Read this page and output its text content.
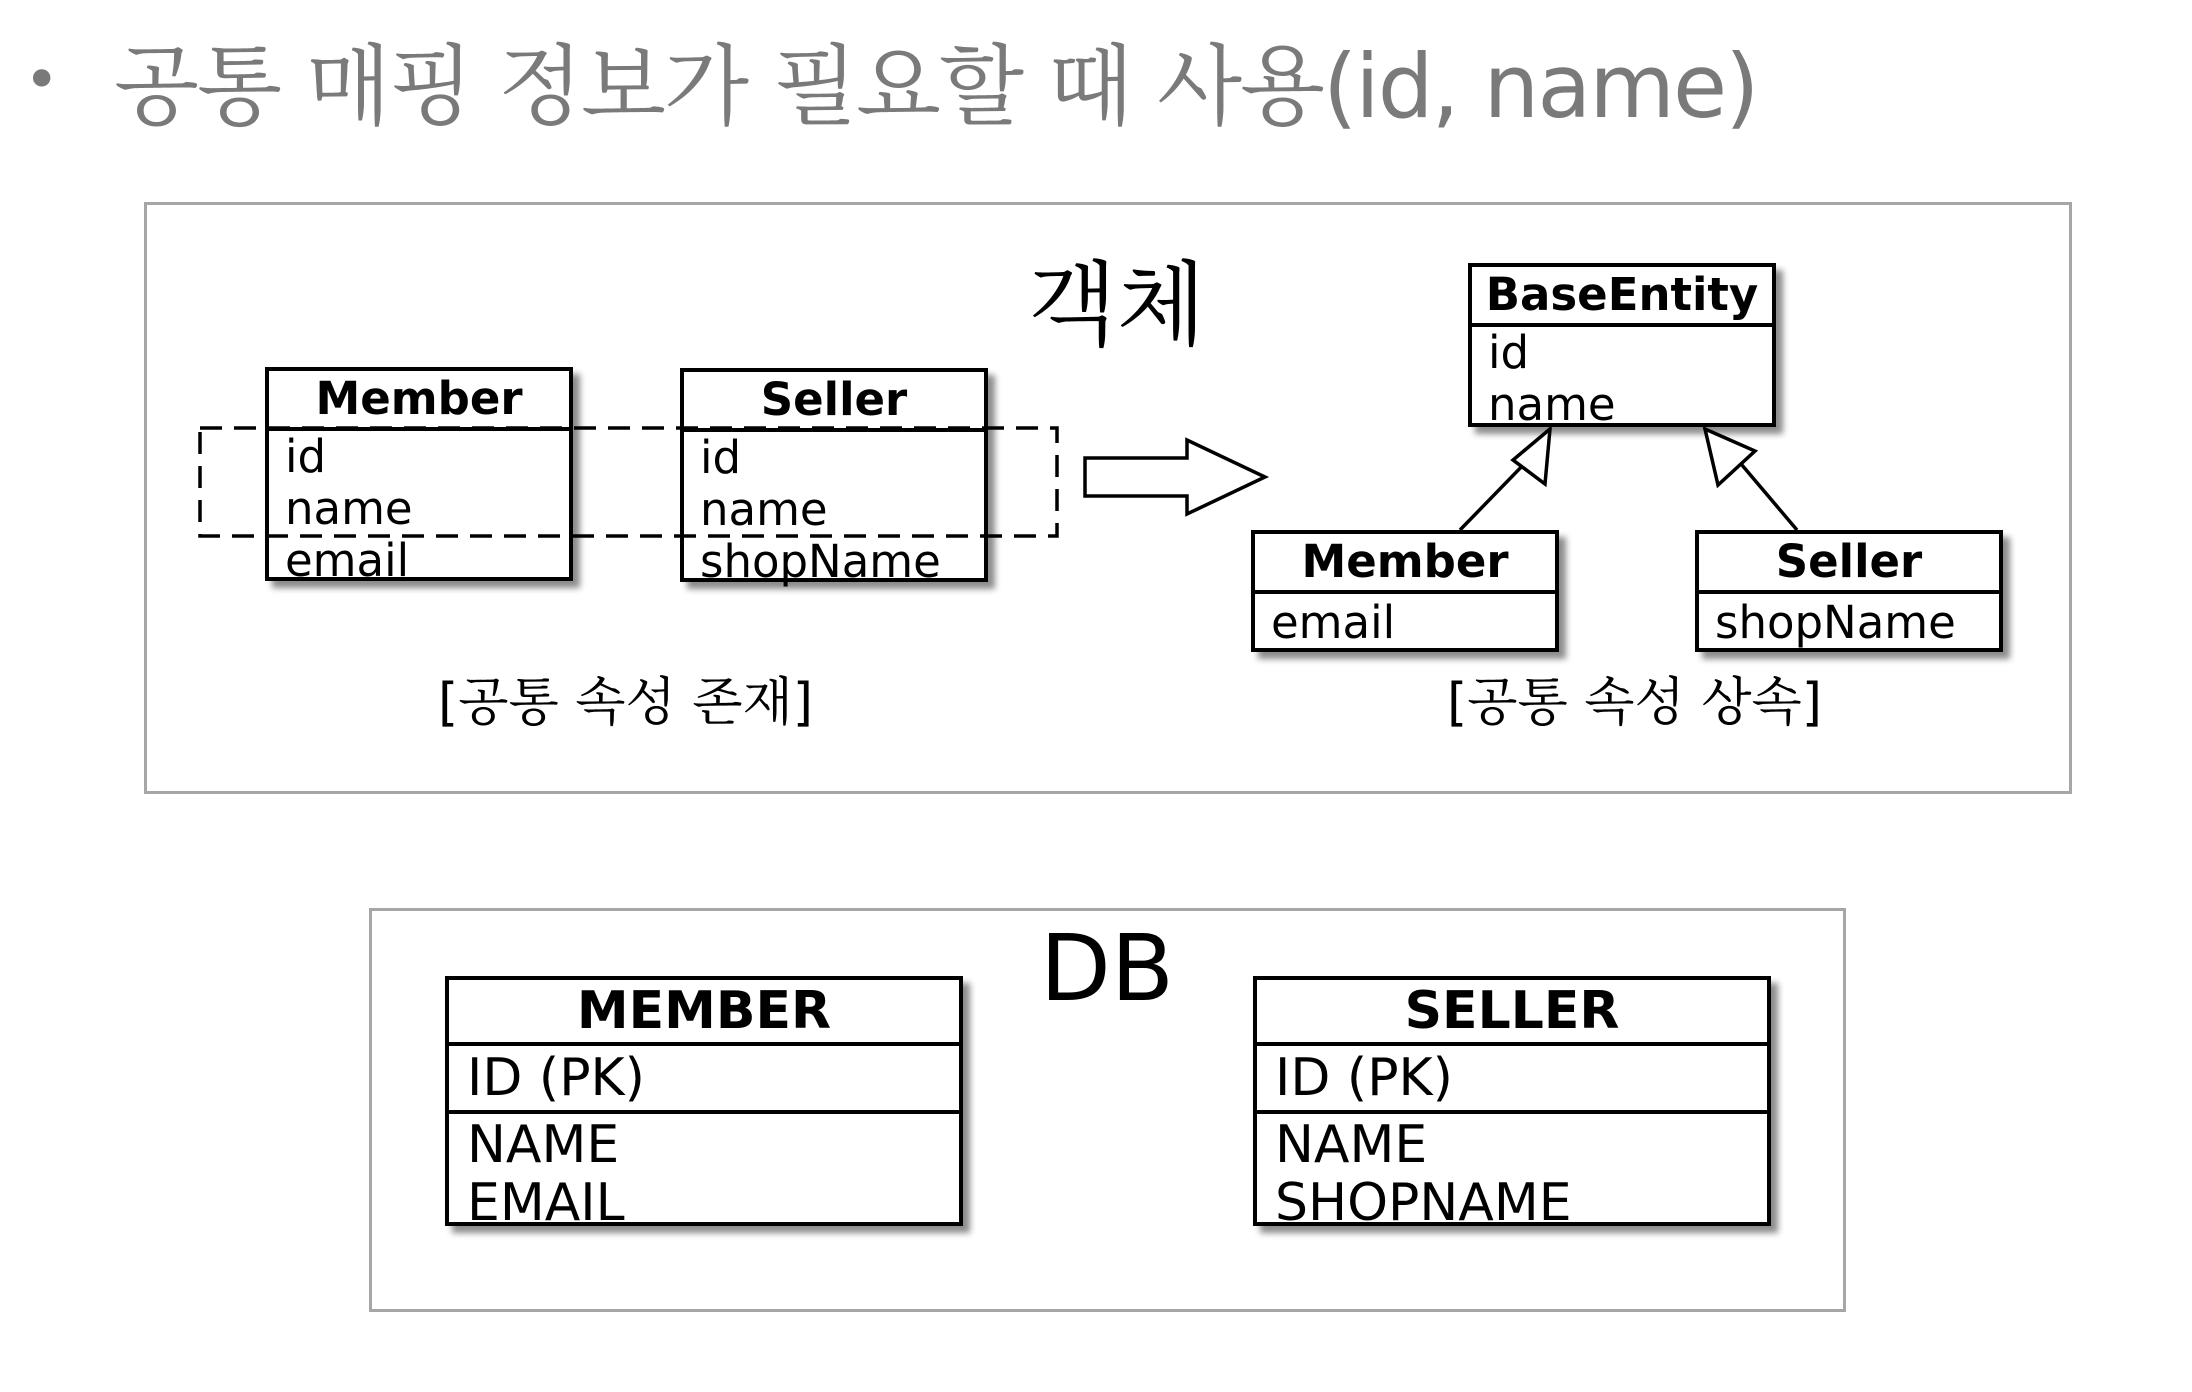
• 공통 매핑 정보가 필요할 때 사용(id, name)
객체
Member
id
name
email
Seller
id
name
shopName
BaseEntity
id
name
Member
email
Seller
shopName
[공통 속성 존재]	[공통 속성 상속]
DB
MEMBER
ID (PK)
NAME
EMAIL
SELLER
ID (PK)
NAME
SHOPNAME
